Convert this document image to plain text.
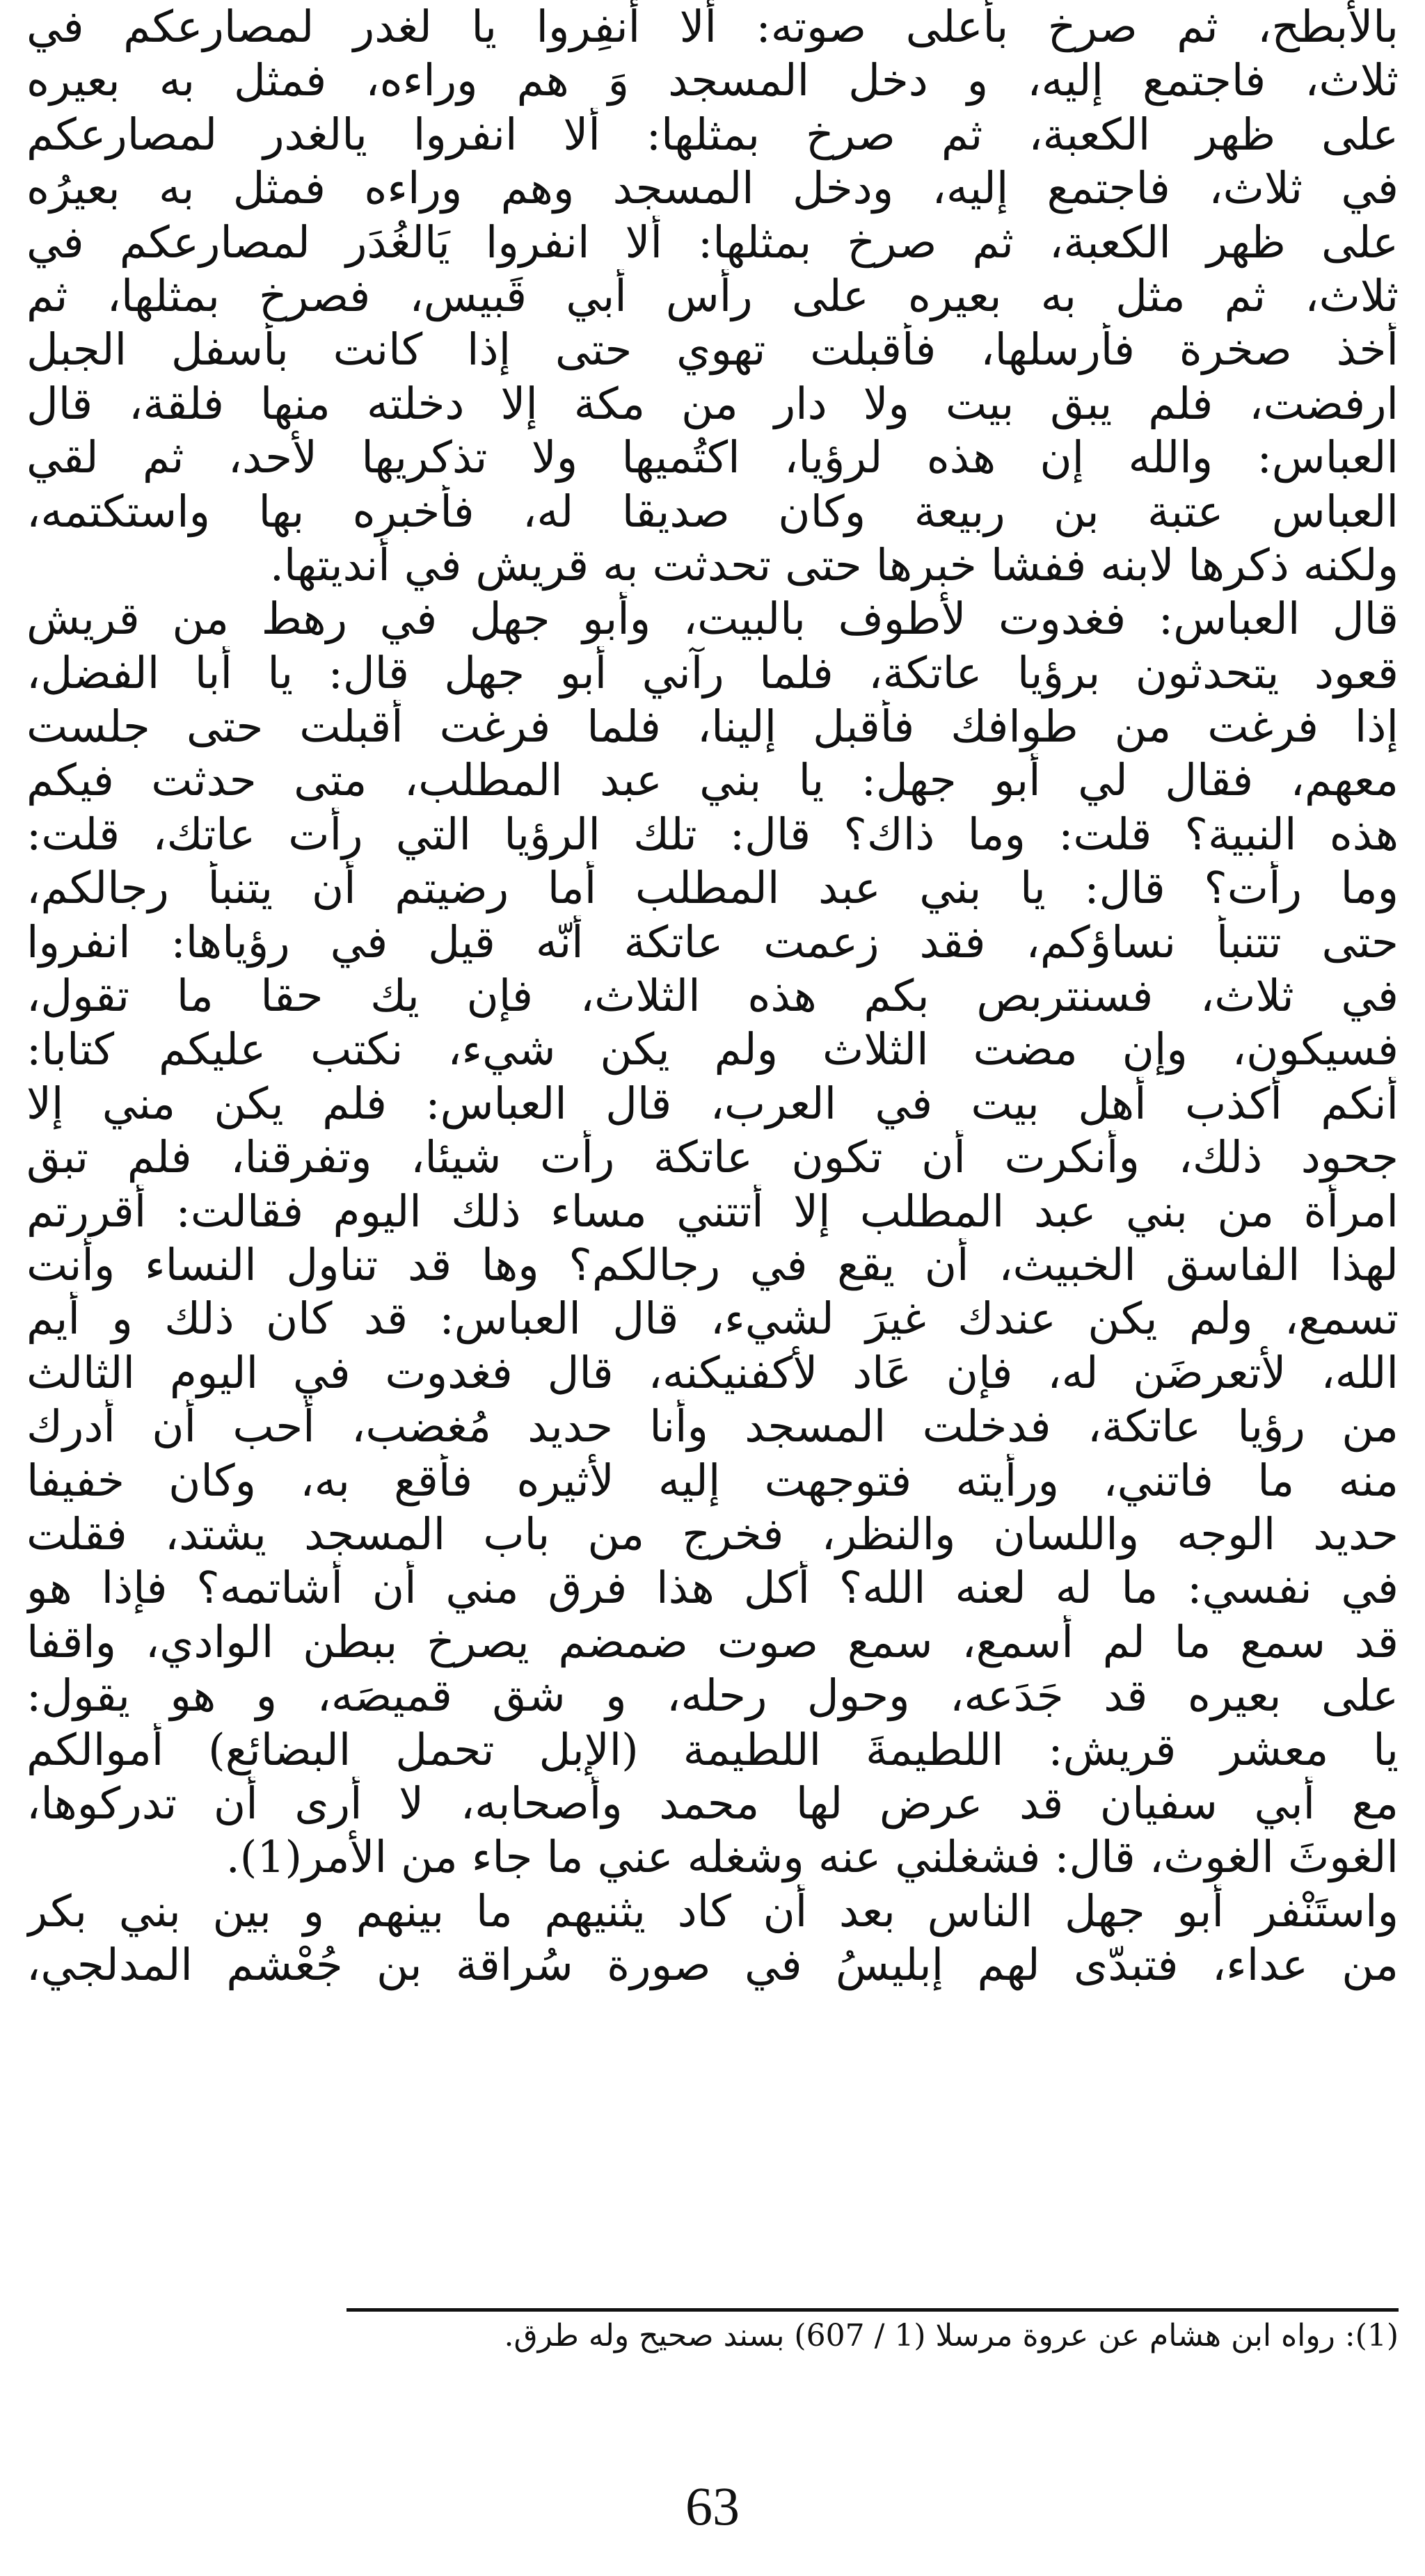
بالأبطح، ثم صرخ بأعلى صوته: ألا أنفِروا يا لغدر لمصارعكم في
ثلاث، فاجتمع إليه، و دخل المسجد وَ هم وراءه، فمثل به بعيره
على ظهر الكعبة، ثم صرخ بمثلها: ألا انفروا يالغدر لمصارعكم
في ثلاث، فاجتمع إليه، ودخل المسجد وهم وراءه فمثل به بعيرُه
على ظهر الكعبة، ثم صرخ بمثلها: ألا انفروا يَالغُدَر لمصارعكم في
ثلاث، ثم مثل به بعيره على رأس أبي قَبيس، فصرخ بمثلها، ثم
أخذ صخرة فأرسلها، فأقبلت تهوي حتى إذا كانت بأسفل الجبل
ارفضت، فلم يبق بيت ولا دار من مكة إلا دخلته منها فلقة، قال
العباس: والله إن هذه لرؤيا، اكتُميها ولا تذكريها لأحد، ثم لقي
العباس عتبة بن ربيعة وكان صديقا له، فأخبره بها واستكتمه،
ولكنه ذكرها لابنه ففشا خبرها حتى تحدثت به قريش في أنديتها.
قال العباس: فغدوت لأطوف بالبيت، وأبو جهل في رهط من قريش
قعود يتحدثون برؤيا عاتكة، فلما رآني أبو جهل قال: يا أبا الفضل،
إذا فرغت من طوافك فأقبل إلينا، فلما فرغت أقبلت حتى جلست
معهم، فقال لي أبو جهل: يا بني عبد المطلب، متى حدثت فيكم
هذه النبية؟ قلت: وما ذاك؟ قال: تلك الرؤيا التي رأت عاتك، قلت:
وما رأت؟ قال: يا بني عبد المطلب أما رضيتم أن يتنبأ رجالكم،
حتى تتنبأ نساؤكم، فقد زعمت عاتكة أنّه قيل في رؤياها: انفروا
في ثلاث، فسنتربص بكم هذه الثلاث، فإن يك حقا ما تقول،
فسيكون، وإن مضت الثلاث ولم يكن شيء، نكتب عليكم كتابا:
أنكم أكذب أهل بيت في العرب، قال العباس: فلم يكن مني إلا
جحود ذلك، وأنكرت أن تكون عاتكة رأت شيئا، وتفرقنا، فلم تبق
امرأة من بني عبد المطلب إلا أتتني مساء ذلك اليوم فقالت: أقررتم
لهذا الفاسق الخبيث، أن يقع في رجالكم؟ وها قد تناول النساء وأنت
تسمع، ولم يكن عندك غيرَ لشيء، قال العباس: قد كان ذلك و أيم
الله، لأتعرضَن له، فإن عَاد لأكفنيكنه، قال فغدوت في اليوم الثالث
من رؤيا عاتكة، فدخلت المسجد وأنا حديد مُغضب، أحب أن أدرك
منه ما فاتني، ورأيته فتوجهت إليه لأثيره فأقع به، وكان خفيفا
حديد الوجه واللسان والنظر، فخرج من باب المسجد يشتد، فقلت
في نفسي: ما له لعنه الله؟ أكل هذا فرق مني أن أشاتمه؟ فإذا هو
قد سمع ما لم أسمع، سمع صوت ضمضم يصرخ ببطن الوادي، واقفا
على بعيره قد جَدَعه، وحول رحله، و شق قميصَه، و هو يقول:
يا معشر قريش: اللطيمةَ اللطيمة (الإبل تحمل البضائع) أموالكم
مع أبي سفيان قد عرض لها محمد وأصحابه، لا أرى أن تدركوها،
الغوثَ الغوث، قال: فشغلني عنه وشغله عني ما جاء من الأمر(1).
واستَنْفر أبو جهل الناس بعد أن كاد يثنيهم ما بينهم و بين بني بكر
من عداء، فتبدّى لهم إبليسُ في صورة سُراقة بن جُعْشم المدلجي،
(1): رواه ابن هشام عن عروة مرسلا (1 / 607) بسند صحيح وله طرق.
63
